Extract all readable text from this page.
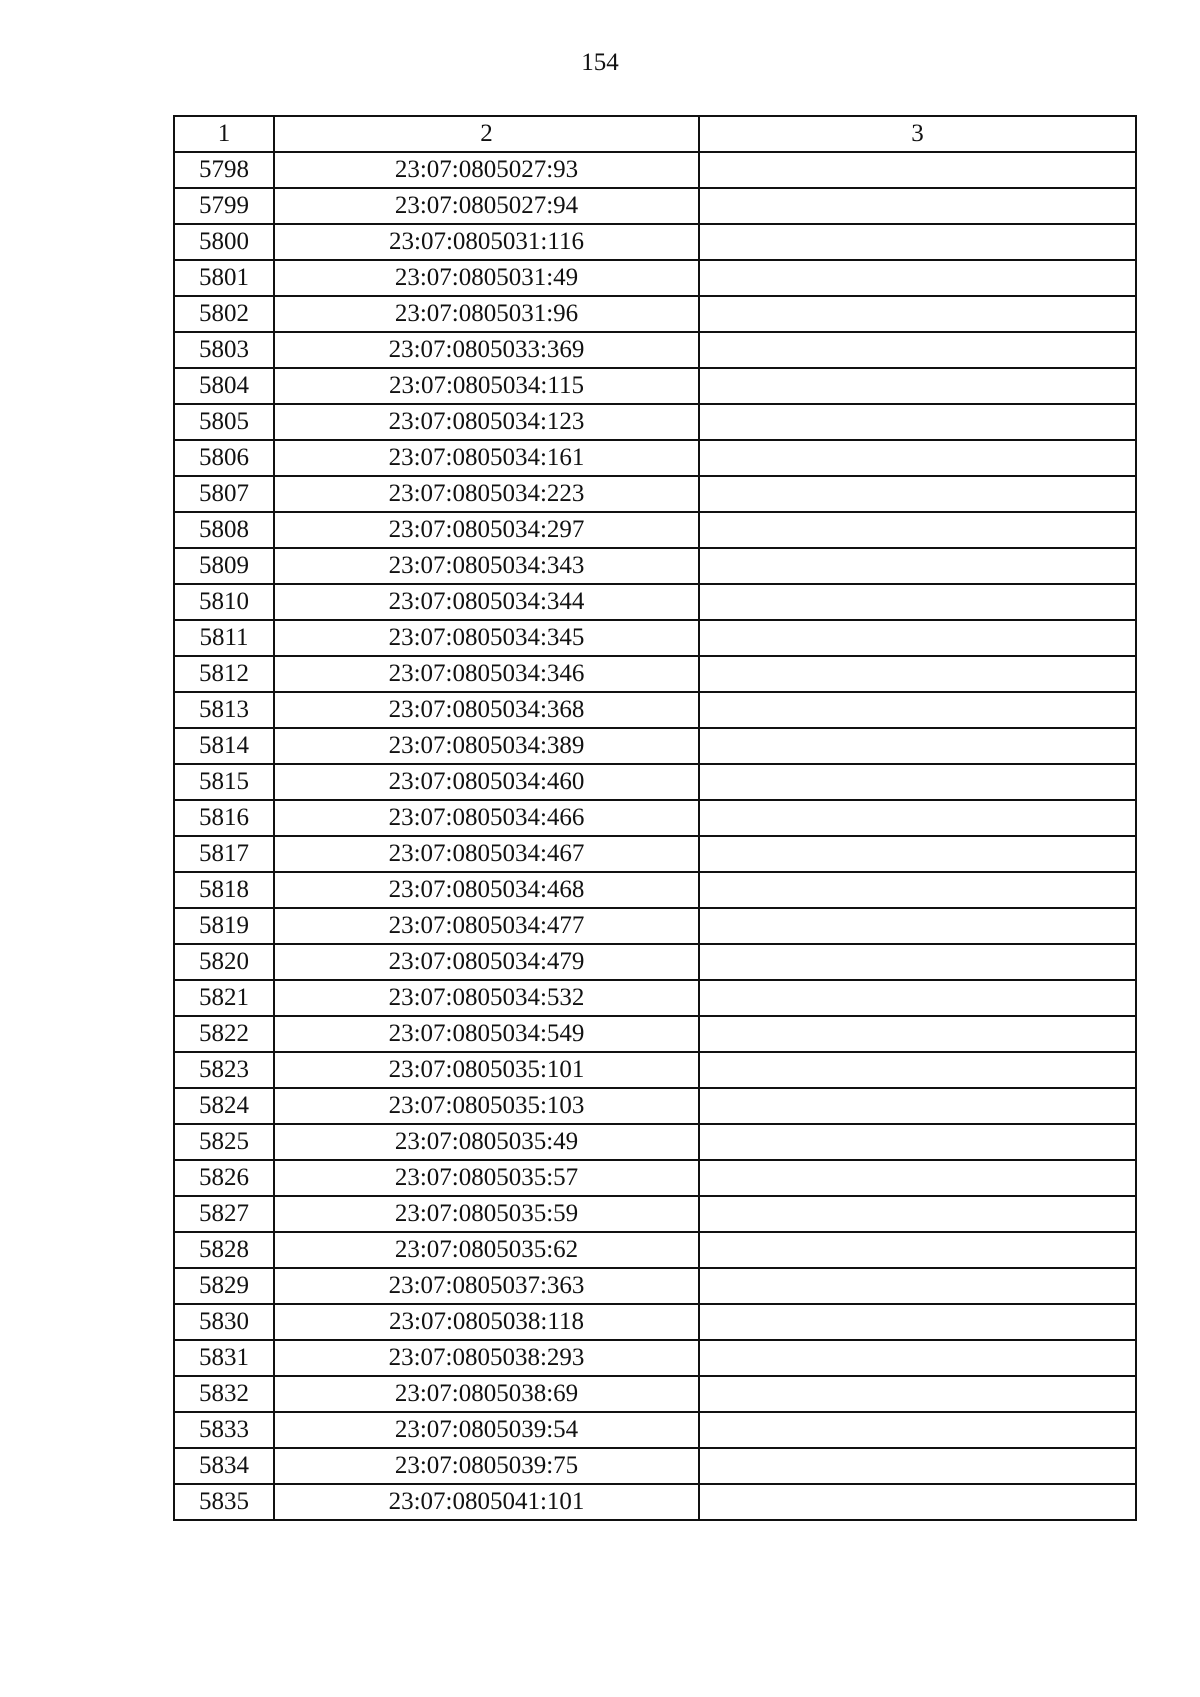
154
1	2	3
5798	23:07:0805027:93	
5799	23:07:0805027:94	
5800	23:07:0805031:116	
5801	23:07:0805031:49	
5802	23:07:0805031:96	
5803	23:07:0805033:369	
5804	23:07:0805034:115	
5805	23:07:0805034:123	
5806	23:07:0805034:161	
5807	23:07:0805034:223	
5808	23:07:0805034:297	
5809	23:07:0805034:343	
5810	23:07:0805034:344	
5811	23:07:0805034:345	
5812	23:07:0805034:346	
5813	23:07:0805034:368	
5814	23:07:0805034:389	
5815	23:07:0805034:460	
5816	23:07:0805034:466	
5817	23:07:0805034:467	
5818	23:07:0805034:468	
5819	23:07:0805034:477	
5820	23:07:0805034:479	
5821	23:07:0805034:532	
5822	23:07:0805034:549	
5823	23:07:0805035:101	
5824	23:07:0805035:103	
5825	23:07:0805035:49	
5826	23:07:0805035:57	
5827	23:07:0805035:59	
5828	23:07:0805035:62	
5829	23:07:0805037:363	
5830	23:07:0805038:118	
5831	23:07:0805038:293	
5832	23:07:0805038:69	
5833	23:07:0805039:54	
5834	23:07:0805039:75	
5835	23:07:0805041:101	
